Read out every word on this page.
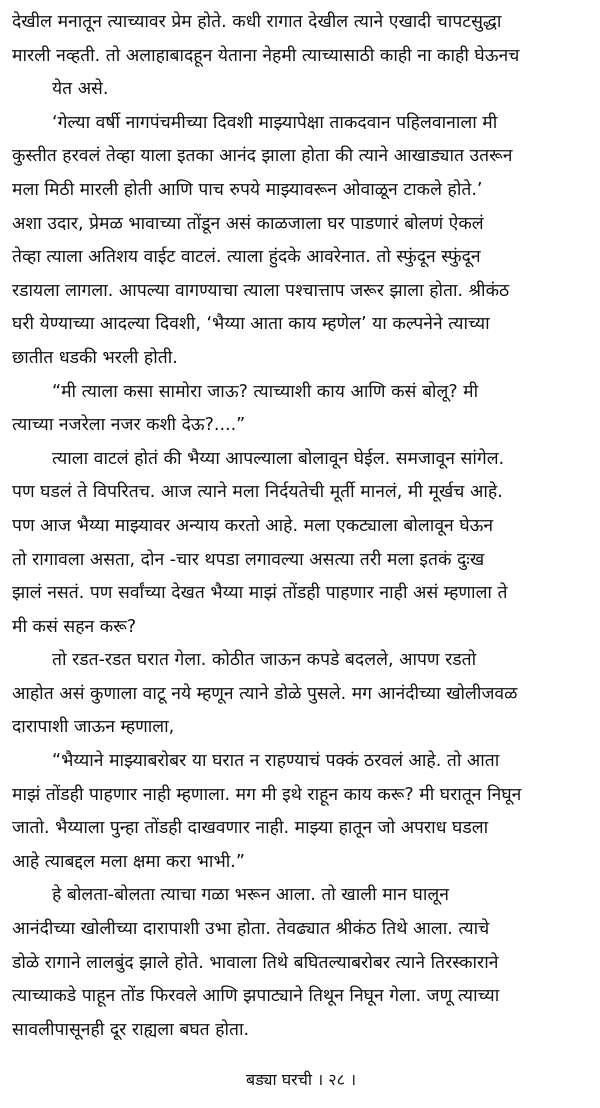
देखील मनातून त्याच्यावर प्रेम होते. कधी रागात देखील त्याने एखादी चापटसुद्धा
मारली नव्हती. तो अलाहाबादहून येताना नेहमी त्याच्यासाठी काही ना काही घेऊनच
येत असे.
‘गेल्या वर्षी नागपंचमीच्या दिवशी माझ्यापेक्षा ताकदवान पहिलवानाला मी
कुस्तीत हरवलं तेव्हा याला इतका आनंद झाला होता की त्याने आखाड्यात उतरून
मला मिठी मारली होती आणि पाच रुपये माझ्यावरून ओवाळून टाकले होते.’
अशा उदार, प्रेमळ भावाच्या तोंडून असं काळजाला घर पाडणारं बोलणं ऐकलं
तेव्हा त्याला अतिशय वाईट वाटलं. त्याला हुंदके आवरेनात. तो स्फुंदून स्फुंदून
रडायला लागला. आपल्या वागण्याचा त्याला पश्चात्ताप जरूर झाला होता. श्रीकंठ
घरी येण्याच्या आदल्या दिवशी, ‘भैय्या आता काय म्हणेल’ या कल्पनेने त्याच्या
छातीत धडकी भरली होती.
“मी त्याला कसा सामोरा जाऊ? त्याच्याशी काय आणि कसं बोलू? मी
त्याच्या नजरेला नजर कशी देऊ?....”
त्याला वाटलं होतं की भैय्या आपल्याला बोलावून घेईल. समजावून सांगेल.
पण घडलं ते विपरितच. आज त्याने मला निर्दयतेची मूर्ती मानलं, मी मूर्खच आहे.
पण आज भैय्या माझ्यावर अन्याय करतो आहे. मला एकट्याला बोलावून घेऊन
तो रागावला असता, दोन -चार थपडा लगावल्या असत्या तरी मला इतकं दुःख
झालं नसतं. पण सर्वांच्या देखत भैय्या माझं तोंडही पाहणार नाही असं म्हणाला ते
मी कसं सहन करू?
तो रडत-रडत घरात गेला. कोठीत जाऊन कपडे बदलले, आपण रडतो
आहोत असं कुणाला वाटू नये म्हणून त्याने डोळे पुसले. मग आनंदीच्या खोलीजवळ
दारापाशी जाऊन म्हणाला,
“भैय्याने माझ्याबरोबर या घरात न राहण्याचं पक्कं ठरवलं आहे. तो आता
माझं तोंडही पाहणार नाही म्हणाला. मग मी इथे राहून काय करू? मी घरातून निघून
जातो. भैय्याला पुन्हा तोंडही दाखवणार नाही. माझ्या हातून जो अपराध घडला
आहे त्याबद्दल मला क्षमा करा भाभी.”
हे बोलता-बोलता त्याचा गळा भरून आला. तो खाली मान घालून
आनंदीच्या खोलीच्या दारापाशी उभा होता. तेवढ्यात श्रीकंठ तिथे आला. त्याचे
डोळे रागाने लालबुंद झाले होते. भावाला तिथे बघितल्याबरोबर त्याने तिरस्काराने
त्याच्याकडे पाहून तोंड फिरवले आणि झपाट्याने तिथून निघून गेला. जणू त्याच्या
सावलीपासूनही दूर राह्यला बघत होता.
बड्या घरची । २८ ।
